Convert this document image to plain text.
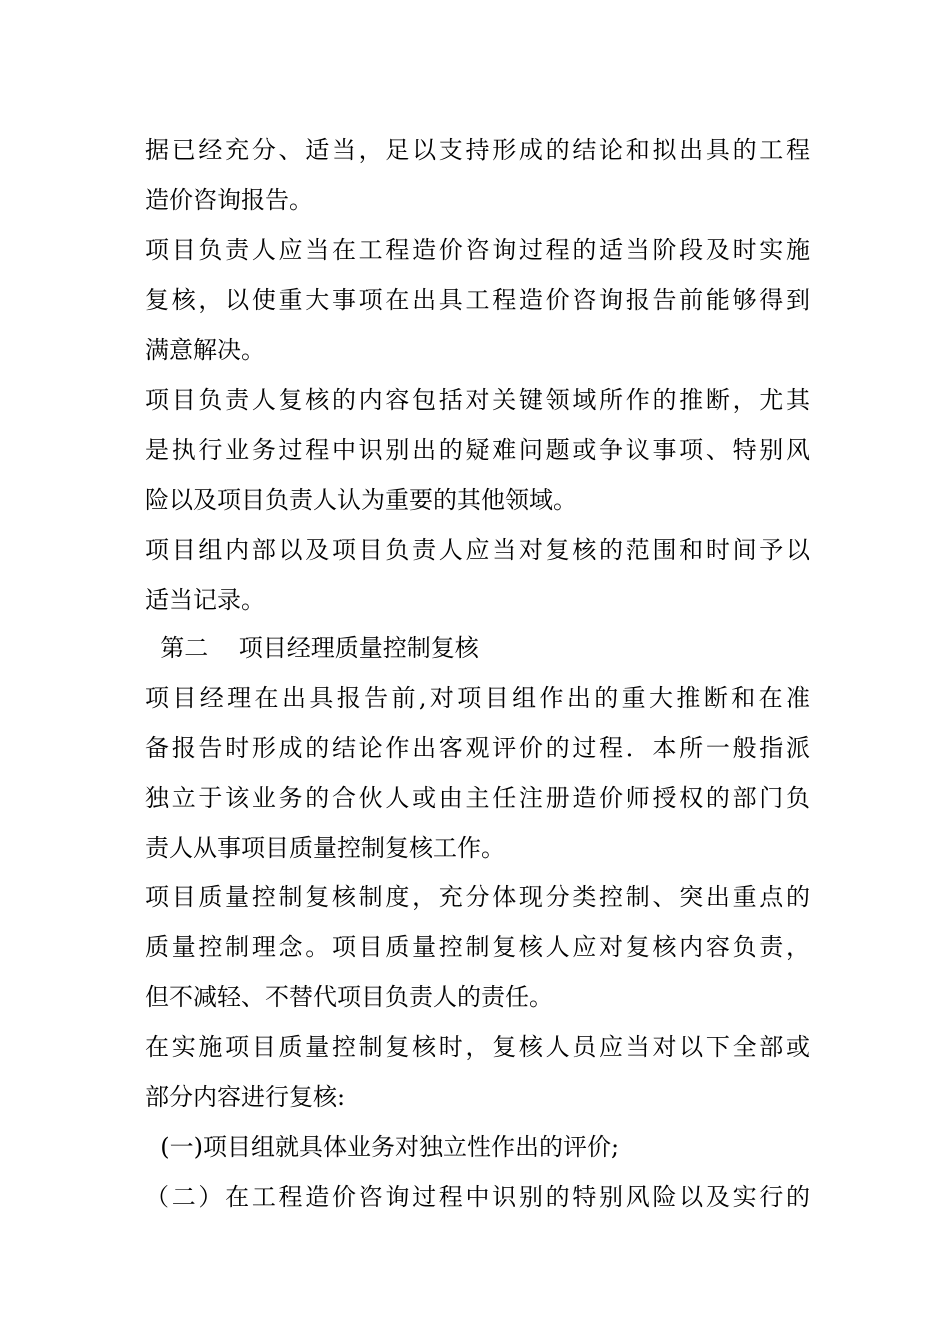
据已经充分、适当，足以支持形成的结论和拟出具的工程
造价咨询报告。
项目负责人应当在工程造价咨询过程的适当阶段及时实施
复核，以使重大事项在出具工程造价咨询报告前能够得到
满意解决。
项目负责人复核的内容包括对关键领域所作的推断，尤其
是执行业务过程中识别出的疑难问题或争议事项、特别风
险以及项目负责人认为重要的其他领域。
项目组内部以及项目负责人应当对复核的范围和时间予以
适当记录。
第二    项目经理质量控制复核
项目经理在出具报告前,对项目组作出的重大推断和在准
备报告时形成的结论作出客观评价的过程．本所一般指派
独立于该业务的合伙人或由主任注册造价师授权的部门负
责人从事项目质量控制复核工作。
项目质量控制复核制度，充分体现分类控制、突出重点的
质量控制理念。项目质量控制复核人应对复核内容负责，
但不减轻、不替代项目负责人的责任。
在实施项目质量控制复核时，复核人员应当对以下全部或
部分内容进行复核:
(一)项目组就具体业务对独立性作出的评价;
（二）在工程造价咨询过程中识别的特别风险以及实行的
